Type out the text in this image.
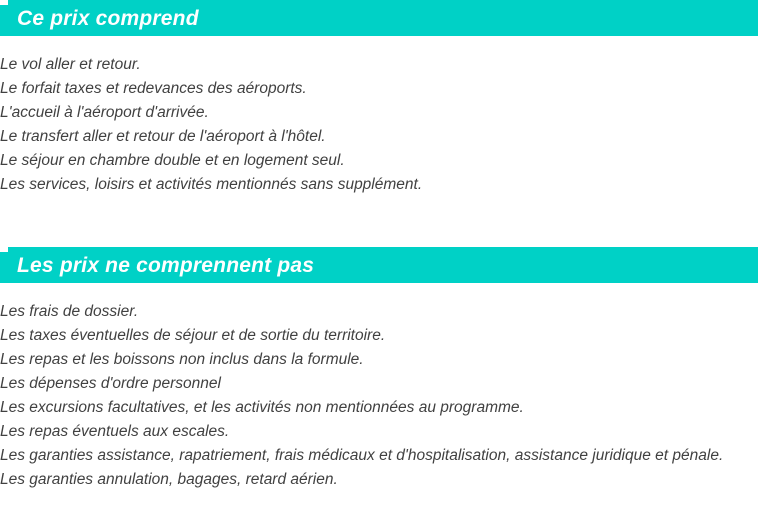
Ce prix comprend
Le vol aller et retour.
Le forfait taxes et redevances des aéroports.
L'accueil à l'aéroport d'arrivée.
Le transfert aller et retour de l'aéroport à l'hôtel.
Le séjour en chambre double et en logement seul.
Les services, loisirs et activités mentionnés sans supplément.
Les prix ne comprennent pas
Les frais de dossier.
Les taxes éventuelles de séjour et de sortie du territoire.
Les repas et les boissons non inclus dans la formule.
Les dépenses d'ordre personnel
Les excursions facultatives, et les activités non mentionnées au programme.
Les repas éventuels aux escales.
Les garanties assistance, rapatriement, frais médicaux et d'hospitalisation, assistance juridique et pénale.
Les garanties annulation, bagages, retard aérien.
